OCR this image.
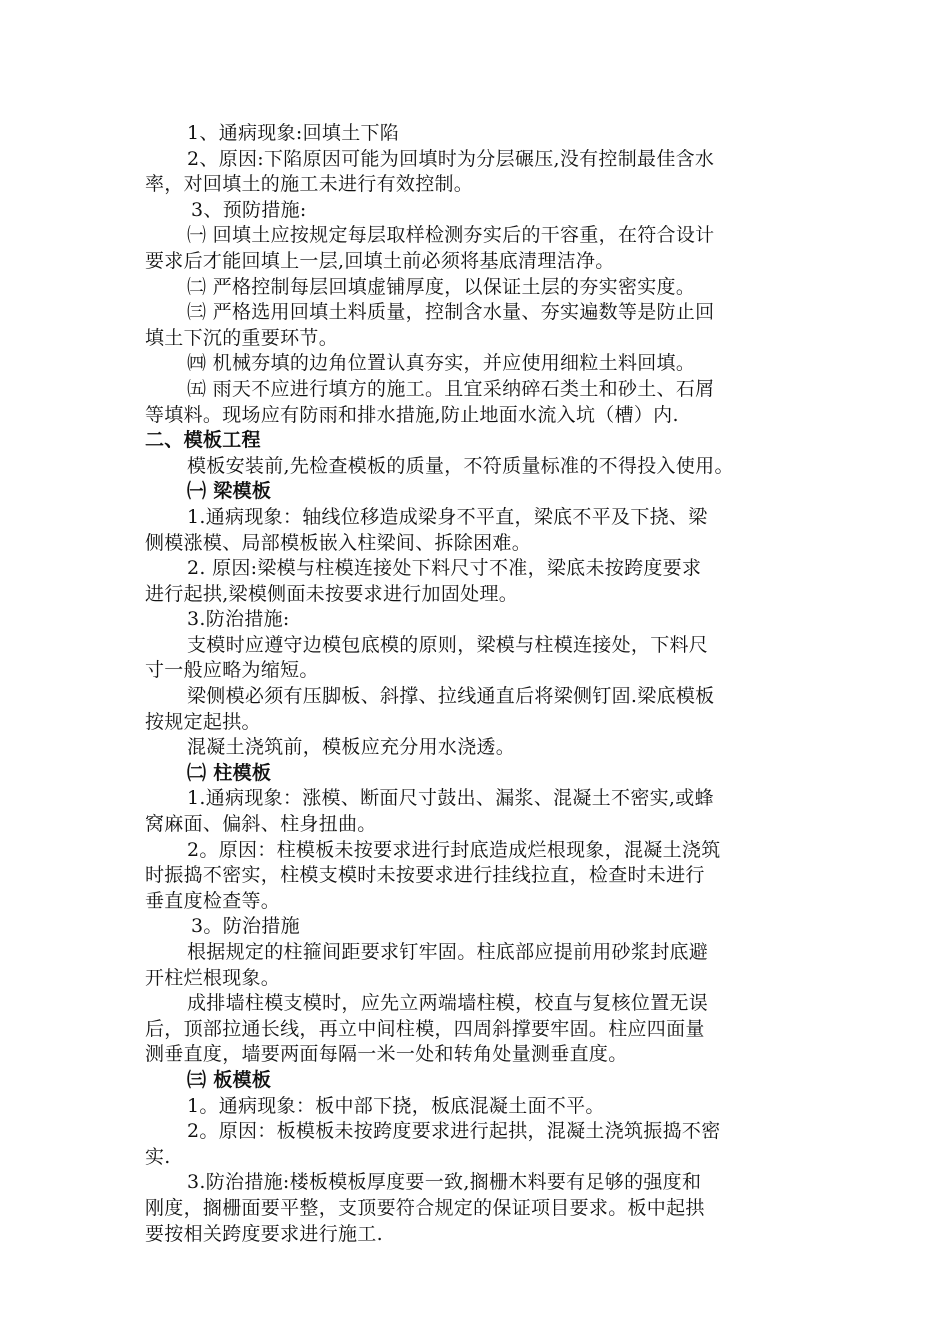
1、通病现象:回填土下陷
2、原因:下陷原因可能为回填时为分层碾压,没有控制最佳含水
率，对回填土的施工未进行有效控制。
3、预防措施:
㈠ 回填土应按规定每层取样检测夯实后的干容重，在符合设计
要求后才能回填上一层,回填土前必须将基底清理洁净。
㈡ 严格控制每层回填虚铺厚度，以保证土层的夯实密实度。
㈢ 严格选用回填土料质量，控制含水量、夯实遍数等是防止回
填土下沉的重要环节。
㈣ 机械夯填的边角位置认真夯实，并应使用细粒土料回填。
㈤ 雨天不应进行填方的施工。且宜采纳碎石类土和砂土、石屑
等填料。现场应有防雨和排水措施,防止地面水流入坑（槽）内.
二、模板工程
模板安装前,先检查模板的质量，不符质量标准的不得投入使用。
㈠ 梁模板
1.通病现象：轴线位移造成梁身不平直，梁底不平及下挠、梁
侧模涨模、局部模板嵌入柱梁间、拆除困难。
2. 原因:梁模与柱模连接处下料尺寸不准，梁底未按跨度要求
进行起拱,梁模侧面未按要求进行加固处理。
3.防治措施:
支模时应遵守边模包底模的原则，梁模与柱模连接处，下料尺
寸一般应略为缩短。
梁侧模必须有压脚板、斜撑、拉线通直后将梁侧钉固.梁底模板
按规定起拱。
混凝土浇筑前，模板应充分用水浇透。
㈡ 柱模板
1.通病现象：涨模、断面尺寸鼓出、漏浆、混凝土不密实,或蜂
窝麻面、偏斜、柱身扭曲。
2。原因：柱模板未按要求进行封底造成烂根现象，混凝土浇筑
时振捣不密实，柱模支模时未按要求进行挂线拉直，检查时未进行
垂直度检查等。
3。防治措施
根据规定的柱箍间距要求钉牢固。柱底部应提前用砂浆封底避
开柱烂根现象。
成排墙柱模支模时，应先立两端墙柱模，校直与复核位置无误
后，顶部拉通长线，再立中间柱模，四周斜撑要牢固。柱应四面量
测垂直度，墙要两面每隔一米一处和转角处量测垂直度。
㈢ 板模板
1。通病现象：板中部下挠，板底混凝土面不平。
2。原因：板模板未按跨度要求进行起拱，混凝土浇筑振捣不密
实.
3.防治措施:楼板模板厚度要一致,搁栅木料要有足够的强度和
刚度，搁栅面要平整，支顶要符合规定的保证项目要求。板中起拱
要按相关跨度要求进行施工.
